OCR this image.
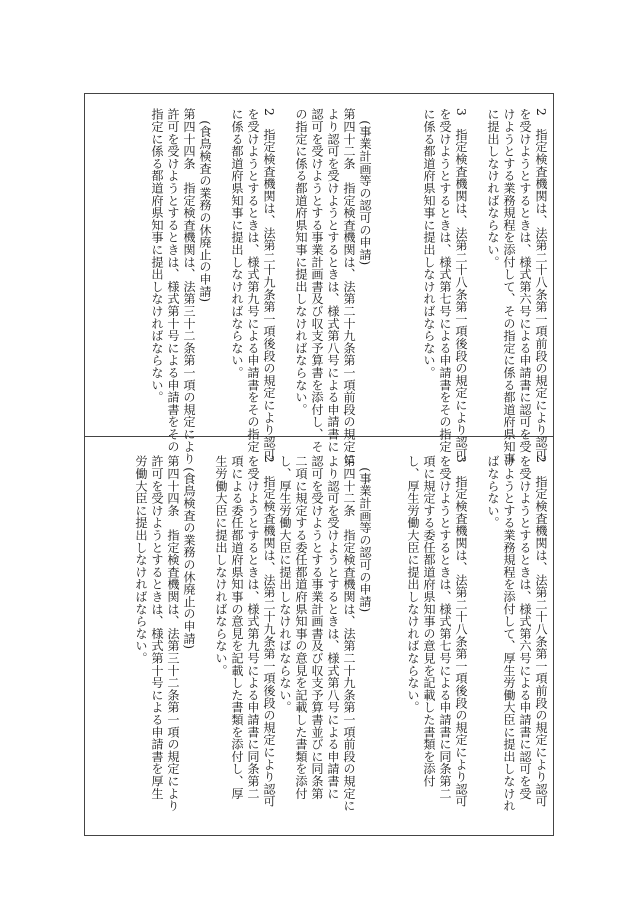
2　指定検査機関は、法第二十八条第一項前段の規定により認可
を受けようとするときは、様式第六号による申請書に認可を受
けようとする業務規程を添付して、その指定に係る都道府県知事
に提出しなければならない。
3　指定検査機関は、法第二十八条第一項後段の規定により認可
を受けようとするときは、様式第七号による申請書をその指定
に係る都道府県知事に提出しなければならない。
　(事業計画等の認可の申請)
第四十二条　指定検査機関は、法第二十九条第一項前段の規定に
より認可を受けようとするときは、様式第八号による申請書に
認可を受けようとする事業計画書及び収支予算書を添付し、そ
の指定に係る都道府県知事に提出しなければならない。
2　指定検査機関は、法第二十九条第一項後段の規定により認可
を受けようとするときは、様式第九号による申請書をその指定
に係る都道府県知事に提出しなければならない。
　(食鳥検査の業務の休廃止の申請)
第四十四条　指定検査機関は、法第三十二条第一項の規定により
許可を受けようとするときは、様式第十号による申請書をその
指定に係る都道府県知事に提出しなければならない。
2　指定検査機関は、法第二十八条第一項前段の規定により認可
を受けようとするときは、様式第六号による申請書に認可を受
けようとする業務規程を添付して、厚生労働大臣に提出しなけれ
ばならない。
3　指定検査機関は、法第二十八条第一項後段の規定により認可
を受けようとするときは、様式第七号による申請書に同条第二
項に規定する委任都道府県知事の意見を記載した書類を添付
し、厚生労働大臣に提出しなければならない。
　(事業計画等の認可の申請)
第四十二条　指定検査機関は、法第二十九条第一項前段の規定に
より認可を受けようとするときは、様式第八号による申請書に
認可を受けようとする事業計画書及び収支予算書並びに同条第
二項に規定する委任都道府県知事の意見を記載した書類を添付
し、厚生労働大臣に提出しなければならない。
2　指定検査機関は、法第二十九条第一項後段の規定により認可
を受けようとするときは、様式第九号による申請書に同条第二
項による委任都道府県知事の意見を記載した書類を添付し、厚
生労働大臣に提出しなければならない。
　(食鳥検査の業務の休廃止の申請)
第四十四条　指定検査機関は、法第三十二条第一項の規定により
許可を受けようとするときは、様式第十号による申請書を厚生
労働大臣に提出しなければならない。
